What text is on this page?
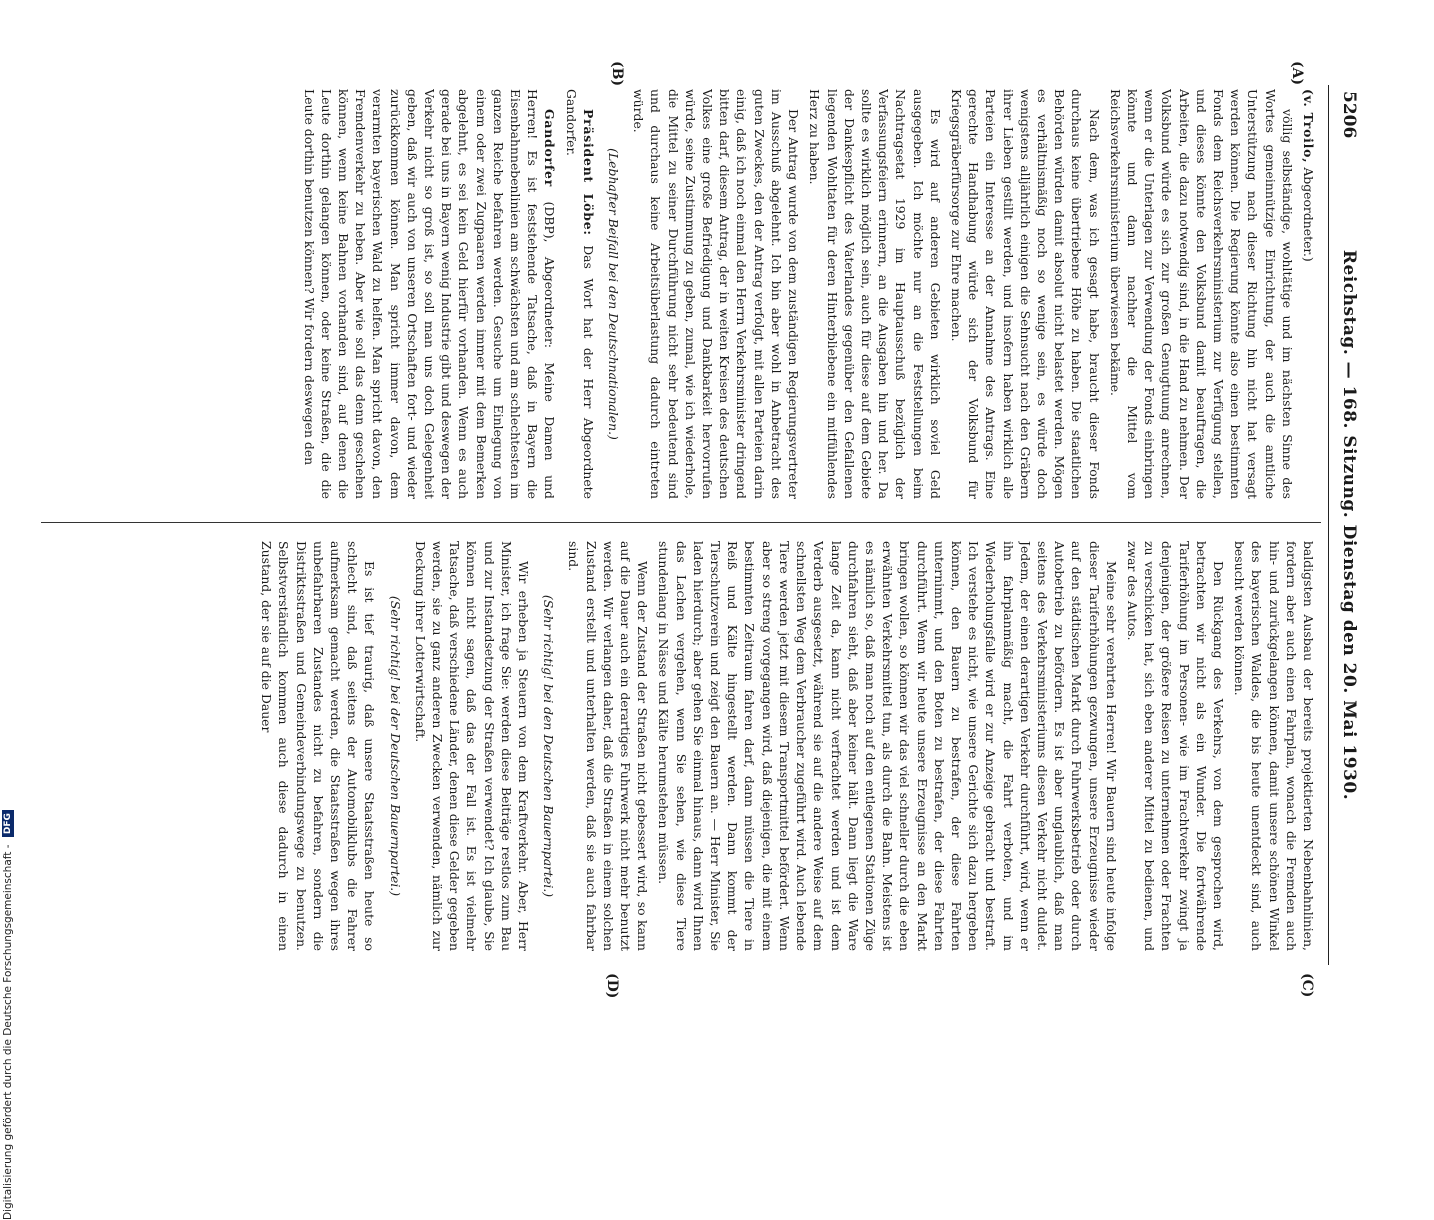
5206
Reichstag. — 168. Sitzung. Dienstag den 20. Mai 1930.
(A)
(B)
(C)
(D)

(v. Troilo, Abgeordneter.)

völlig selbständige, wohltätige und im nächsten Sinne des Wortes gemeinnützige Einrichtung, der auch die amtliche Unterstützung nach dieser Richtung hin nicht hat versagt werden können. Die Regierung könnte also einen bestimmten Fonds dem Reichsverkehrsministerium zur Verfügung stellen, und dieses könnte den Volksbund damit beauftragen, die Arbeiten, die dazu notwendig sind, in die Hand zu nehmen. Der Volksbund würde es sich zur großen Genugtuung anrechnen, wenn er die Unterlagen zur Verwendung der Fonds einbringen könnte und dann nachher die Mittel vom Reichsverkehrsministerium überwiesen bekäme.

Nach dem, was ich gesagt habe, braucht dieser Fonds durchaus keine übertriebene Höhe zu haben. Die staatlichen Behörden würden damit absolut nicht belastet werden. Mögen es verhältnismäßig noch so wenige sein, es würde doch wenigstens alljährlich einigen die Sehnsucht nach den Gräbern ihrer Lieben gestillt werden, und insofern haben wirklich alle Parteien ein Interesse an der Annahme des Antrags. Eine gerechte Handhabung würde sich der Volksbund für Kriegsgräberfürsorge zur Ehre machen.

Es wird auf anderen Gebieten wirklich soviel Geld ausgegeben. Ich möchte nur an die Feststellungen beim Nachtragsetat 1929 im Hauptausschuß bezüglich der Verfassungsfeiern erinnern, an die Ausgaben hin und her. Da sollte es wirklich möglich sein, auch für diese auf dem Gebiete der Dankespflicht des Vaterlandes gegenüber den Gefallenen liegenden Wohltaten für deren Hinterbliebene ein mitfühlendes Herz zu haben.

Der Antrag wurde von dem zuständigen Regierungsvertreter im Ausschuß abgelehnt. Ich bin aber wohl in Anbetracht des guten Zweckes, den der Antrag verfolgt, mit allen Parteien darin einig, daß ich noch einmal den Herrn Verkehrsminister dringend bitten darf, diesem Antrag, der in weiten Kreisen des deutschen Volkes eine große Befriedigung und Dankbarkeit hervorrufen würde, seine Zustimmung zu geben, zumal, wie ich wiederhole, die Mittel zu seiner Durchführung nicht sehr bedeutend sind und durchaus keine Arbeitsüberlastung dadurch eintreten würde.

(Lebhafter Beifall bei den Deutschnationalen.)

Präsident Löbe: Das Wort hat der Herr Abgeordnete Gandorfer.

Gandorfer (DBP), Abgeordneter: Meine Damen und Herren! Es ist feststehende Tatsache, daß in Bayern die Eisenbahnnebenlinien am schwächsten und am schlechtesten im ganzen Reiche befahren werden. Gesuche um Einlegung von einem oder zwei Zugpaaren werden immer mit dem Bemerken abgelehnt, es sei kein Geld hierfür vorhanden. Wenn es auch gerade bei uns in Bayern wenig Industrie gibt und deswegen der Verkehr nicht so groß ist, so soll man uns doch Gelegenheit geben, daß wir auch von unseren Ortschaften fort- und wieder zurückkommen können. Man spricht immer davon, dem verarmten bayerischen Wald zu helfen. Man spricht davon, den Fremdenverkehr zu heben. Aber wie soll das denn geschehen können, wenn keine Bahnen vorhanden sind, auf denen die Leute dorthin gelangen können, oder keine Straßen, die die Leute dorthin benutzen können? Wir fordern deswegen den

baldigsten Ausbau der bereits projektierten Nebenbahnlinien, fordern aber auch einen Fahrplan, wonach die Fremden auch hin- und zurückgelangen können, damit unsere schönen Winkel des bayerischen Waldes, die bis heute unentdeckt sind, auch besucht werden können.

Den Rückgang des Verkehrs, von dem gesprochen wird, betrachten wir nicht als ein Wunder. Die fortwährende Tariferhöhung im Personen- wie im Frachtverkehr zwingt ja denjenigen, der größere Reisen zu unternehmen oder Frachten zu verschicken hat, sich eben anderer Mittel zu bedienen, und zwar des Autos.

Meine sehr verehrten Herren! Wir Bauern sind heute infolge dieser Tariferhöhungen gezwungen, unsere Erzeugnisse wieder auf den städtischen Markt durch Fuhrwerksbetrieb oder durch Autobetrieb zu befördern. Es ist aber unglaublich, daß man seitens des Verkehrsministeriums diesen Verkehr nicht duldet. Jedem, der einen derartigen Verkehr durchführt, wird, wenn er ihn fahrplanmäßig macht, die Fahrt verboten, und im Wiederholungsfalle wird er zur Anzeige gebracht und bestraft. Ich verstehe es nicht, wie unsere Gerichte sich dazu hergeben können, den Bauern zu bestrafen, der diese Fahrten unternimmt, und den Boten zu bestrafen, der diese Fahrten durchführt. Wenn wir heute unsere Erzeugnisse an den Markt bringen wollen, so können wir das viel schneller durch die eben erwähnten Verkehrsmittel tun, als durch die Bahn. Meistens ist es nämlich so, daß man noch auf den entlegenen Stationen Züge durchfahren sieht, daß aber keiner hält. Dann liegt die Ware lange Zeit da, kann nicht verfrachtet werden und ist dem Verderb ausgesetzt, während sie auf die andere Weise auf dem schnellsten Weg dem Verbraucher zugeführt wird. Auch lebende Tiere werden jetzt mit diesem Transportmittel befördert. Wenn aber so streng vorgegangen wird, daß diejenigen, die mit einem bestimmten Zeitraum fahren darf, dann müssen die Tiere in Reiß und Kälte hingestellt werden. Dann kommt der Tierschutzverein und zeigt den Bauern an. — Herr Minister, Sie laden hierdurch; aber gehen Sie einmal hinaus, dann wird Ihnen das Lachen vergehen, wenn Sie sehen, wie diese Tiere stundenlang in Nässe und Kälte herumstehen müssen.

Wenn der Zustand der Straßen nicht gebessert wird, so kann auf die Dauer auch ein derartiges Fuhrwerk nicht mehr benutzt werden. Wir verlangen daher, daß die Straßen in einem solchen Zustand erstellt und unterhalten werden, daß sie auch fahrbar sind.

(Sehr richtig! bei den Deutschen Bauernpartei.)

Wir erheben ja Steuern von dem Kraftverkehr. Aber, Herr Minister, ich frage Sie: werden diese Beiträge restlos zum Bau und zur Instandsetzung der Straßen verwendet? Ich glaube, Sie können nicht sagen, daß das der Fall ist. Es ist vielmehr Tatsache, daß verschiedene Länder, denen diese Gelder gegeben werden, sie zu ganz anderen Zwecken verwenden, nämlich zur Deckung ihrer Lotterwirtschaft.

(Sehr richtig! bei der Deutschen Bauernpartei.)

Es ist tief traurig, daß unsere Staatsstraßen heute so schlecht sind, daß seitens der Automobilklubs die Fahrer aufmerksam gemacht werden, die Staatsstraßen wegen ihres unbefahrbaren Zustandes nicht zu befahren, sondern die Distriktsstraßen und Gemeindeverbindungswege zu benutzen. Selbstverständlich kommen auch diese dadurch in einen Zustand, der sie auf die Dauer

Digitalisierung gefördert durch die Deutsche Forschungsgemeinschaft - DFG
